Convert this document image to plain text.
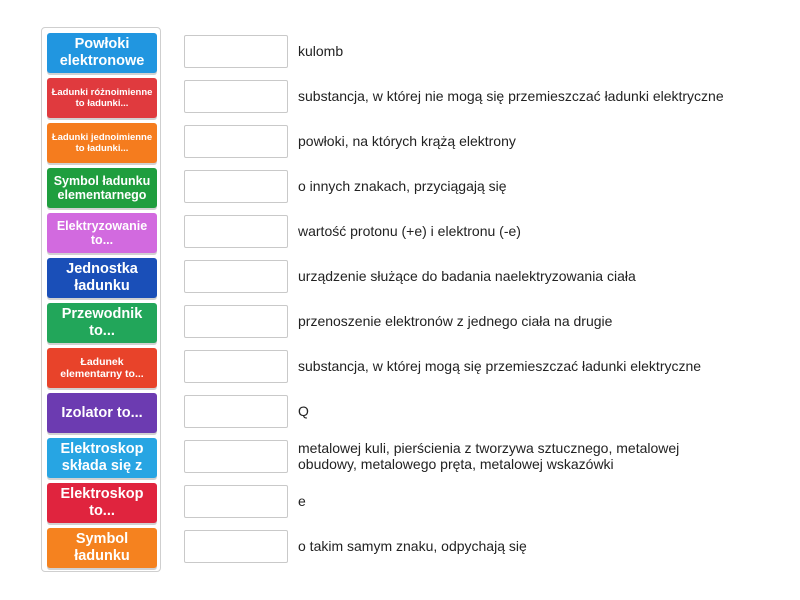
Powłoki elektronowe
Ładunki różnoimienne to ładunki...
Ładunki jednoimienne to ładunki...
Symbol ładunku elementarnego
Elektryzowanie to...
Jednostka ładunku
Przewodnik to...
Ładunek elementarny to...
Izolator to...
Elektroskop składa się z
Elektroskop to...
Symbol ładunku
kulomb
substancja, w której nie mogą się przemieszczać ładunki elektryczne
powłoki, na których krążą elektrony
o innych znakach, przyciągają się
wartość protonu (+e) i elektronu (-e)
urządzenie służące do badania naelektryzowania ciała
przenoszenie elektronów z jednego ciała na drugie
substancja, w której mogą się przemieszczać ładunki elektryczne
Q
metalowej kuli, pierścienia z tworzywa sztucznego, metalowej obudowy, metalowego pręta, metalowej wskazówki
e
o takim samym znaku, odpychają się
